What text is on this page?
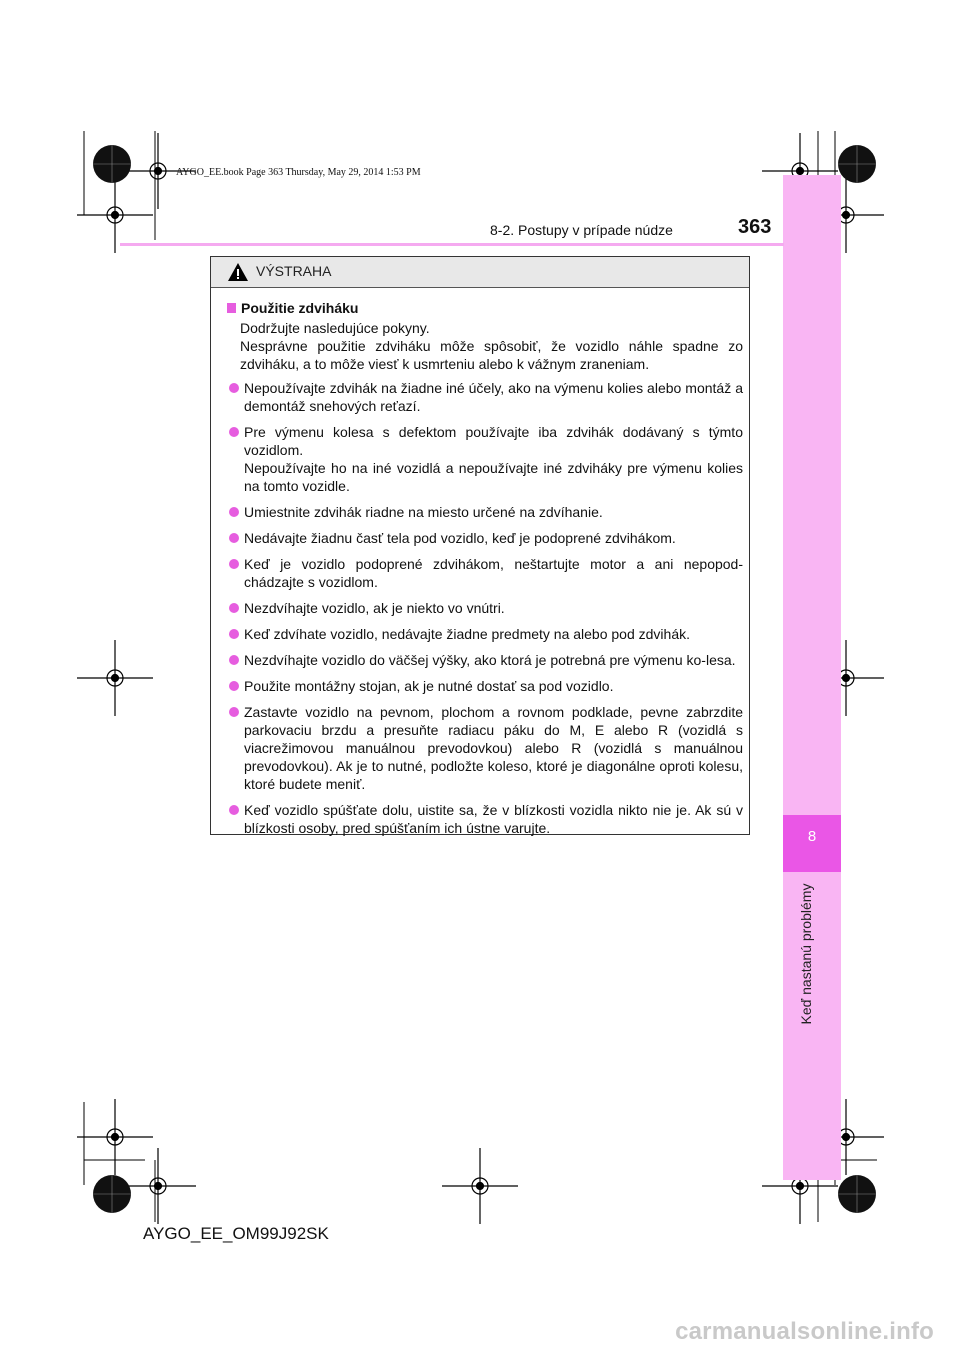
8
Keď nastanú problémy
AYGO_EE.book Page 363 Thursday, May 29, 2014 1:53 PM
8-2. Postupy v prípade núdze	363
VÝSTRAHA
Použitie zdviháku
Dodržujte nasledujúce pokyny.
Nesprávne použitie zdviháku môže spôsobiť, že vozidlo náhle spadne zo zdviháku, a to môže viesť k usmrteniu alebo k vážnym zraneniam.
Nepoužívajte zdvihák na žiadne iné účely, ako na výmenu kolies alebo montáž a demontáž snehových reťazí.
Pre výmenu kolesa s defektom používajte iba zdvihák dodávaný s týmto vozidlom.
Nepoužívajte ho na iné vozidlá a nepoužívajte iné zdviháky pre výmenu kolies na tomto vozidle.
Umiestnite zdvihák riadne na miesto určené na zdvíhanie.
Nedávajte žiadnu časť tela pod vozidlo, keď je podoprené zdvihákom.
Keď je vozidlo podoprené zdvihákom, neštartujte motor a ani nepopod-chádzajte s vozidlom.
Nezdvíhajte vozidlo, ak je niekto vo vnútri.
Keď zdvíhate vozidlo, nedávajte žiadne predmety na alebo pod zdvihák.
Nezdvíhajte vozidlo do väčšej výšky, ako ktorá je potrebná pre výmenu ko-lesa.
Použite montážny stojan, ak je nutné dostať sa pod vozidlo.
Zastavte vozidlo na pevnom, plochom a rovnom podklade, pevne zabrzdite parkovaciu brzdu a presuňte radiacu páku do M, E alebo R (vozidlá s viacrežimovou manuálnou prevodovkou) alebo R (vozidlá s manuálnou prevodovkou). Ak je to nutné, podložte koleso, ktoré je diagonálne oproti kolesu, ktoré budete meniť.
Keď vozidlo spúšťate dolu, uistite sa, že v blízkosti vozidla nikto nie je. Ak sú v blízkosti osoby, pred spúšťaním ich ústne varujte.
AYGO_EE_OM99J92SK
carmanualsonline.info
